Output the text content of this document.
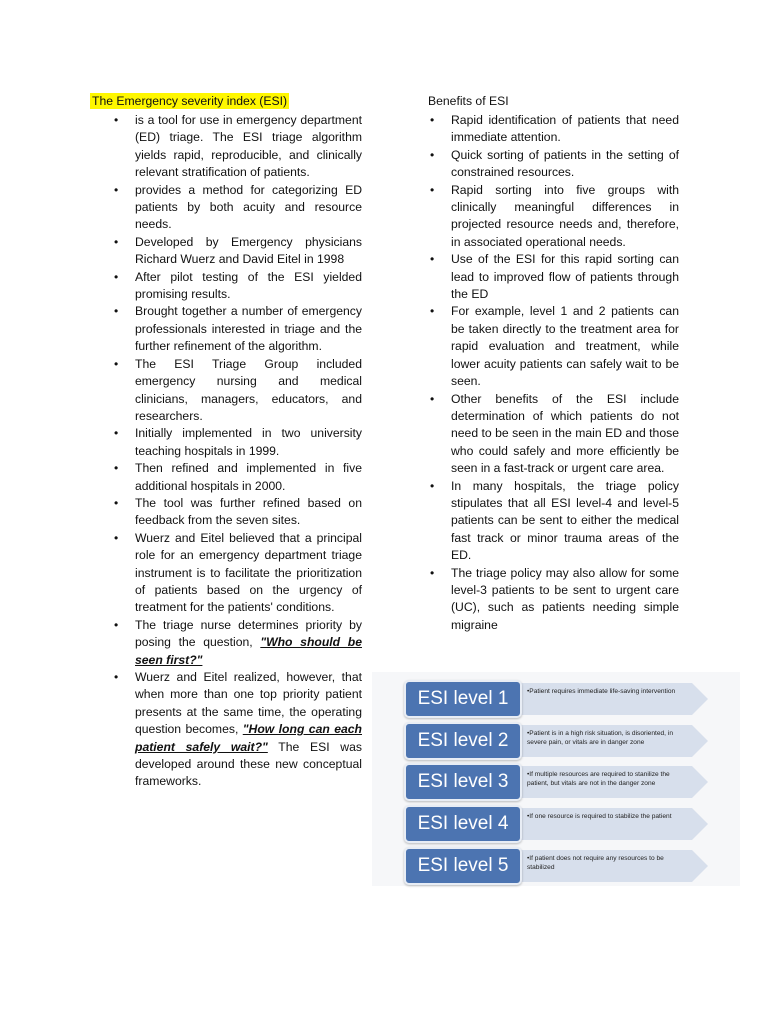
The Emergency severity index (ESI)
• is a tool for use in emergency department (ED) triage. The ESI triage algorithm yields rapid, reproducible, and clinically relevant stratification of patients.
• provides a method for categorizing ED patients by both acuity and resource needs.
• Developed by Emergency physicians Richard Wuerz and David Eitel in 1998
• After pilot testing of the ESI yielded promising results.
• Brought together a number of emergency professionals interested in triage and the further refinement of the algorithm.
• The ESI Triage Group included emergency nursing and medical clinicians, managers, educators, and researchers.
• Initially implemented in two university teaching hospitals in 1999.
• Then refined and implemented in five additional hospitals in 2000.
• The tool was further refined based on feedback from the seven sites.
• Wuerz and Eitel believed that a principal role for an emergency department triage instrument is to facilitate the prioritization of patients based on the urgency of treatment for the patients' conditions.
• The triage nurse determines priority by posing the question, "Who should be seen first?"
• Wuerz and Eitel realized, however, that when more than one top priority patient presents at the same time, the operating question becomes, "How long can each patient safely wait?" The ESI was developed around these new conceptual frameworks.
Benefits of ESI
• Rapid identification of patients that need immediate attention.
• Quick sorting of patients in the setting of constrained resources.
• Rapid sorting into five groups with clinically meaningful differences in projected resource needs and, therefore, in associated operational needs.
• Use of the ESI for this rapid sorting can lead to improved flow of patients through the ED
• For example, level 1 and 2 patients can be taken directly to the treatment area for rapid evaluation and treatment, while lower acuity patients can safely wait to be seen.
• Other benefits of the ESI include determination of which patients do not need to be seen in the main ED and those who could safely and more efficiently be seen in a fast-track or urgent care area.
• In many hospitals, the triage policy stipulates that all ESI level-4 and level-5 patients can be sent to either the medical fast track or minor trauma areas of the ED.
• The triage policy may also allow for some level-3 patients to be sent to urgent care (UC), such as patients needing simple migraine
ESI level 1	•Patient requires immediate life-saving intervention
ESI level 2	•Patient is in a high risk situation, is disoriented, in severe pain, or vitals are in danger zone
ESI level 3	•If multiple resources are required to stanilize the patient, but vitals are not in the danger zone
ESI level 4	•If one resource is required to stabilize the patient
ESI level 5	•If patient does not require any resources to be stabilized
